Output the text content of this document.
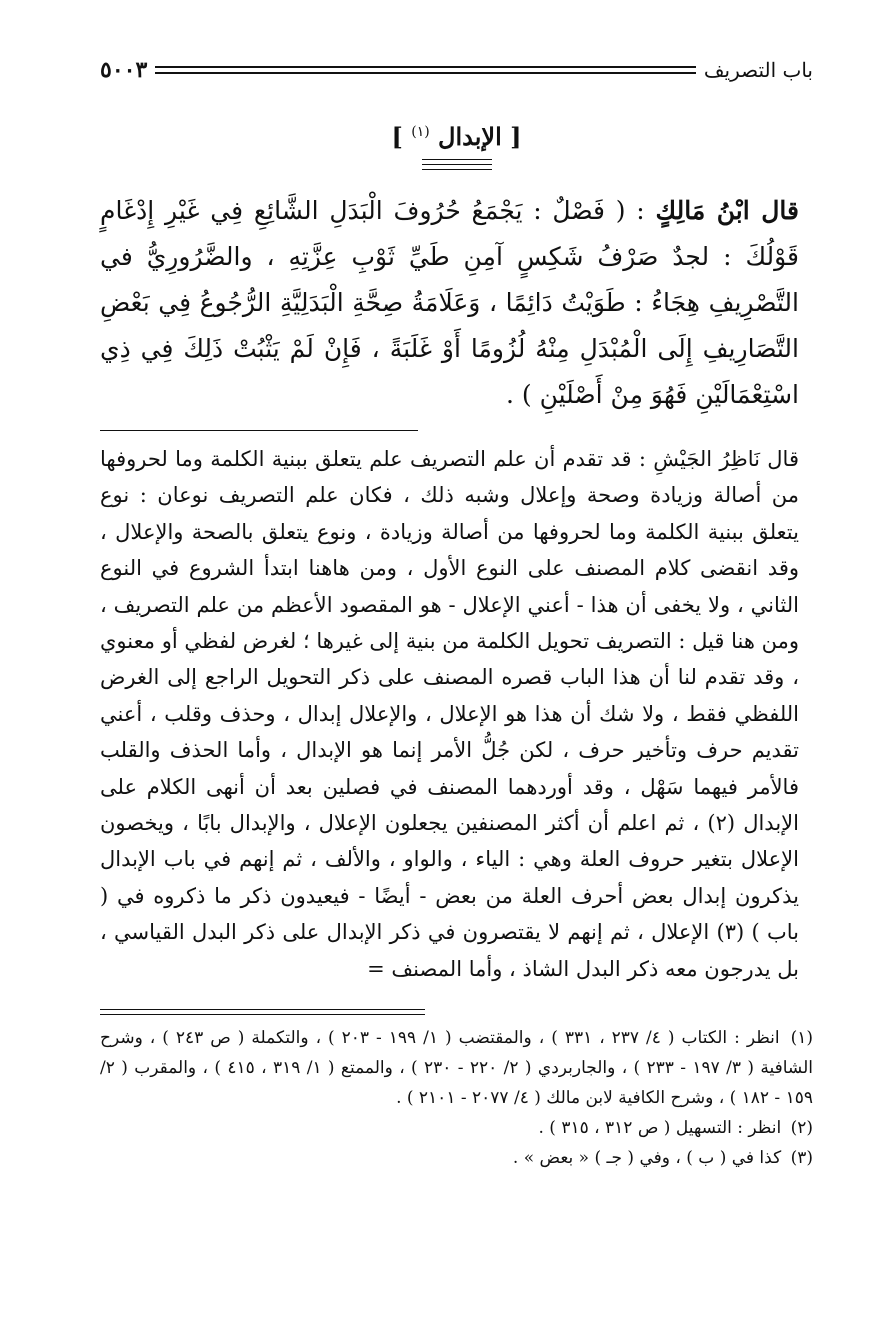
باب التصريف
٥٠٠٣
[ الإبدال $^{(١)}$ ]
قال ابْنُ مَالِكٍ : ( فَصْلٌ : يَجْمَعُ حُرُوفَ الْبَدَلِ الشَّائِعِ فِي غَيْرِ إِدْغَامٍ قَوْلُكَ : لجدٌ صَرْفُ شَكِسٍ آمِنِ طَيِّ ثَوْبِ عِزَّتِهِ ، والضَّرُورِيُّ في التَّصْرِيفِ هِجَاءُ : طَوَيْتُ دَائِمًا ، وَعَلَامَةُ صِحَّةِ الْبَدَلِيَّةِ الرُّجُوعُ فِي بَعْضِ التَّصَارِيفِ إِلَى الْمُبْدَلِ مِنْهُ لُزُومًا أَوْ غَلَبَةً ، فَإِنْ لَمْ يَثْبُتْ ذَلِكَ فِي ذِي اسْتِعْمَالَيْنِ فَهُوَ مِنْ أَصْلَيْنِ ) .
قال نَاظِرُ الجَيْشِ : قد تقدم أن علم التصريف علم يتعلق ببنية الكلمة وما لحروفها من أصالة وزيادة وصحة وإعلال وشبه ذلك ، فكان علم التصريف نوعان : نوع يتعلق ببنية الكلمة وما لحروفها من أصالة وزيادة ، ونوع يتعلق بالصحة والإعلال ، وقد انقضى كلام المصنف على النوع الأول ، ومن هاهنا ابتدأ الشروع في النوع الثاني ، ولا يخفى أن هذا - أعني الإعلال - هو المقصود الأعظم من علم التصريف ، ومن هنا قيل : التصريف تحويل الكلمة من بنية إلى غيرها ؛ لغرض لفظي أو معنوي ، وقد تقدم لنا أن هذا الباب قصره المصنف على ذكر التحويل الراجع إلى الغرض اللفظي فقط ، ولا شك أن هذا هو الإعلال ، والإعلال إبدال ، وحذف وقلب ، أعني تقديم حرف وتأخير حرف ، لكن جُلُّ الأمر إنما هو الإبدال ، وأما الحذف والقلب فالأمر فيهما سَهْل ، وقد أوردهما المصنف في فصلين بعد أن أنهى الكلام على الإبدال (٢) ، ثم اعلم أن أكثر المصنفين يجعلون الإعلال ، والإبدال بابًا ، ويخصون الإعلال بتغير حروف العلة وهي : الياء ، والواو ، والألف ، ثم إنهم في باب الإبدال يذكرون إبدال بعض أحرف العلة من بعض - أيضًا - فيعيدون ذكر ما ذكروه في ( باب ) (٣) الإعلال ، ثم إنهم لا يقتصرون في ذكر الإبدال على ذكر البدل القياسي ، بل يدرجون معه ذكر البدل الشاذ ، وأما المصنف =

(١) انظر : الكتاب ( ٤/ ٢٣٧ ، ٣٣١ ) ، والمقتضب ( ١/ ١٩٩ - ٢٠٣ ) ، والتكملة ( ص ٢٤٣ ) ، وشرح الشافية ( ٣/ ١٩٧ - ٢٣٣ ) ، والجاربردي ( ٢/ ٢٢٠ - ٢٣٠ ) ، والممتع ( ١/ ٣١٩ ، ٤١٥ ) ، والمقرب ( ٢/ ١٥٩ - ١٨٢ ) ، وشرح الكافية لابن مالك ( ٤/ ٢٠٧٧ - ٢١٠١ ) .

(٢) انظر : التسهيل ( ص ٣١٢ ، ٣١٥ ) .

(٣) كذا في ( ب ) ، وفي ( جـ ) « بعض » .
